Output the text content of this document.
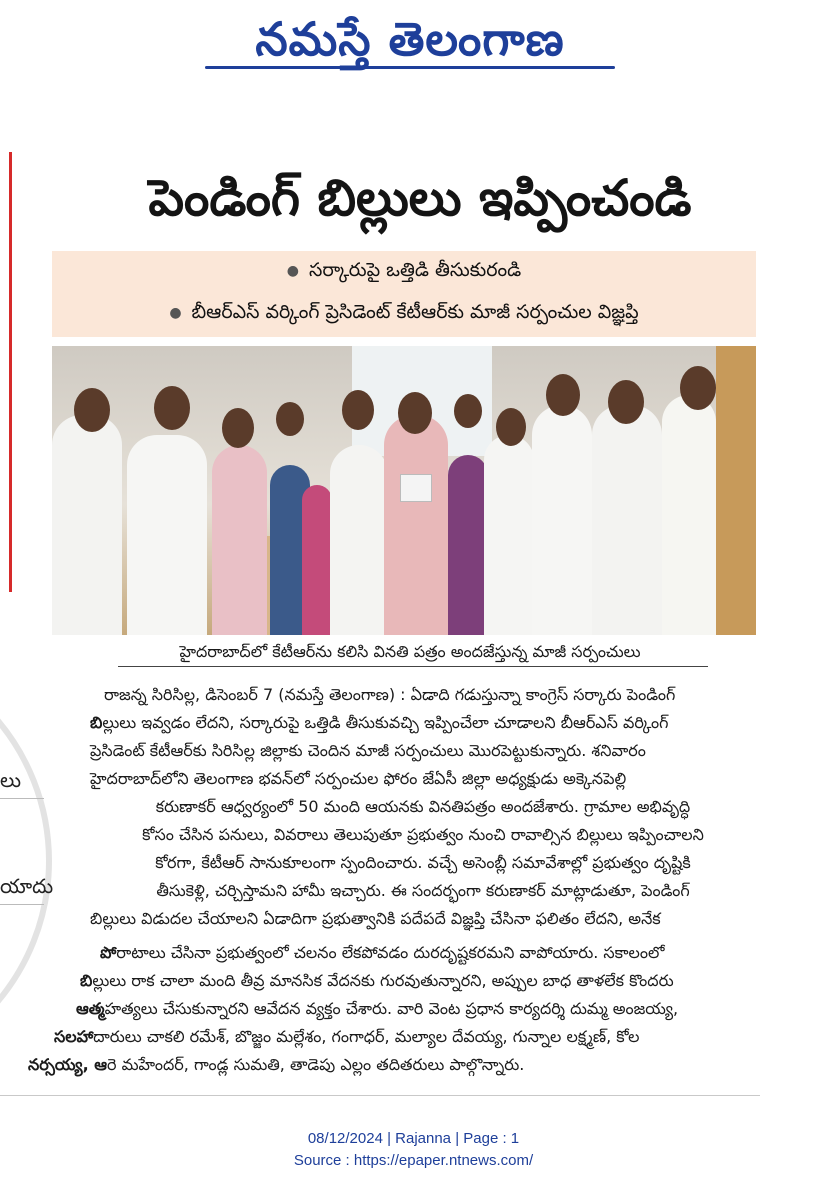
నమస్తే తెలంగాణ
లు
యాదు
పెండింగ్ బిల్లులు ఇప్పించండి
● సర్కారుపై ఒత్తిడి తీసుకురండి
● బీఆర్ఎస్ వర్కింగ్ ప్రెసిడెంట్ కేటీఆర్‌కు మాజీ సర్పంచుల విజ్ఞప్తి
హైదరాబాద్‌లో కేటీఆర్‌ను కలిసి వినతి పత్రం అందజేస్తున్న మాజీ సర్పంచులు
రాజన్న సిరిసిల్ల, డిసెంబర్ 7 (నమస్తే తెలంగాణ) : ఏడాది గడుస్తున్నా కాంగ్రెస్ సర్కారు పెండింగ్
బిల్లులు ఇవ్వడం లేదని, సర్కారుపై ఒత్తిడి తీసుకువచ్చి ఇప్పించేలా చూడాలని బీఆర్ఎస్ వర్కింగ్
ప్రెసిడెంట్ కేటీఆర్‌కు సిరిసిల్ల జిల్లాకు చెందిన మాజీ సర్పంచులు మొరపెట్టుకున్నారు. శనివారం
హైదరాబాద్‌లోని తెలంగాణ భవన్‌లో సర్పంచుల ఫోరం జేఏసీ జిల్లా అధ్యక్షుడు అక్కెనపెల్లి
కరుణాకర్ ఆధ్వర్యంలో 50 మంది ఆయనకు వినతిపత్రం అందజేశారు. గ్రామాల అభివృద్ధి
కోసం చేసిన పనులు, వివరాలు తెలుపుతూ ప్రభుత్వం నుంచి రావాల్సిన బిల్లులు ఇప్పించాలని
కోరగా, కేటీఆర్ సానుకూలంగా స్పందించారు. వచ్చే అసెంబ్లీ సమావేశాల్లో ప్రభుత్వం దృష్టికి
తీసుకెళ్లి, చర్చిస్తామని హామీ ఇచ్చారు. ఈ సందర్భంగా కరుణాకర్ మాట్లాడుతూ, పెండింగ్
బిల్లులు విడుదల చేయాలని ఏడాదిగా ప్రభుత్వానికి పదేపదే విజ్ఞప్తి చేసినా ఫలితం లేదని, అనేక
పోరాటాలు చేసినా ప్రభుత్వంలో చలనం లేకపోవడం దురదృష్టకరమని వాపోయారు. సకాలంలో
బిల్లులు రాక చాలా మంది తీవ్ర మానసిక వేదనకు గురవుతున్నారని, అప్పుల బాధ తాళలేక కొందరు
ఆత్మహత్యలు చేసుకున్నారని ఆవేదన వ్యక్తం చేశారు. వారి వెంట ప్రధాన కార్యదర్శి దుమ్మ అంజయ్య,
సలహాదారులు చాకలి రమేశ్, బొజ్జం మల్లేశం, గంగాధర్, మల్యాల దేవయ్య, గున్నాల లక్ష్మణ్, కోల
నర్సయ్య, ఆరె మహేందర్, గాండ్ల సుమతి, తాడెపు ఎల్లం తదితరులు పాల్గొన్నారు.
08/12/2024 | Rajanna | Page : 1
Source : https://epaper.ntnews.com/
